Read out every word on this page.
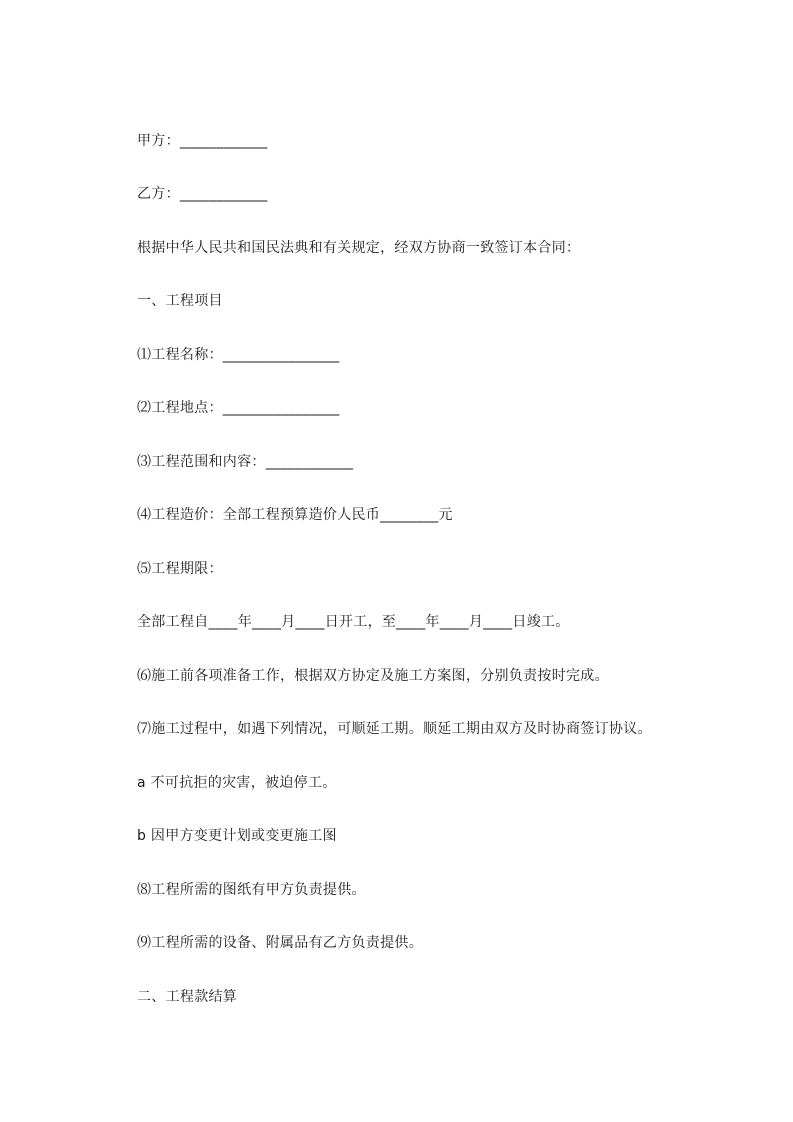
甲方：____________
乙方：____________
根据中华人民共和国民法典和有关规定，经双方协商一致签订本合同：
一、工程项目
⑴工程名称：________________
⑵工程地点：________________
⑶工程范围和内容：____________
⑷工程造价：全部工程预算造价人民币________元
⑸工程期限：
全部工程自____年____月____日开工，至____年____月____日竣工。
⑹施工前各项准备工作，根据双方协定及施工方案图，分别负责按时完成。
⑺施工过程中，如遇下列情况，可顺延工期。顺延工期由双方及时协商签订协议。
a 不可抗拒的灾害，被迫停工。
b 因甲方变更计划或变更施工图
⑻工程所需的图纸有甲方负责提供。
⑼工程所需的设备、附属品有乙方负责提供。
二、工程款结算
